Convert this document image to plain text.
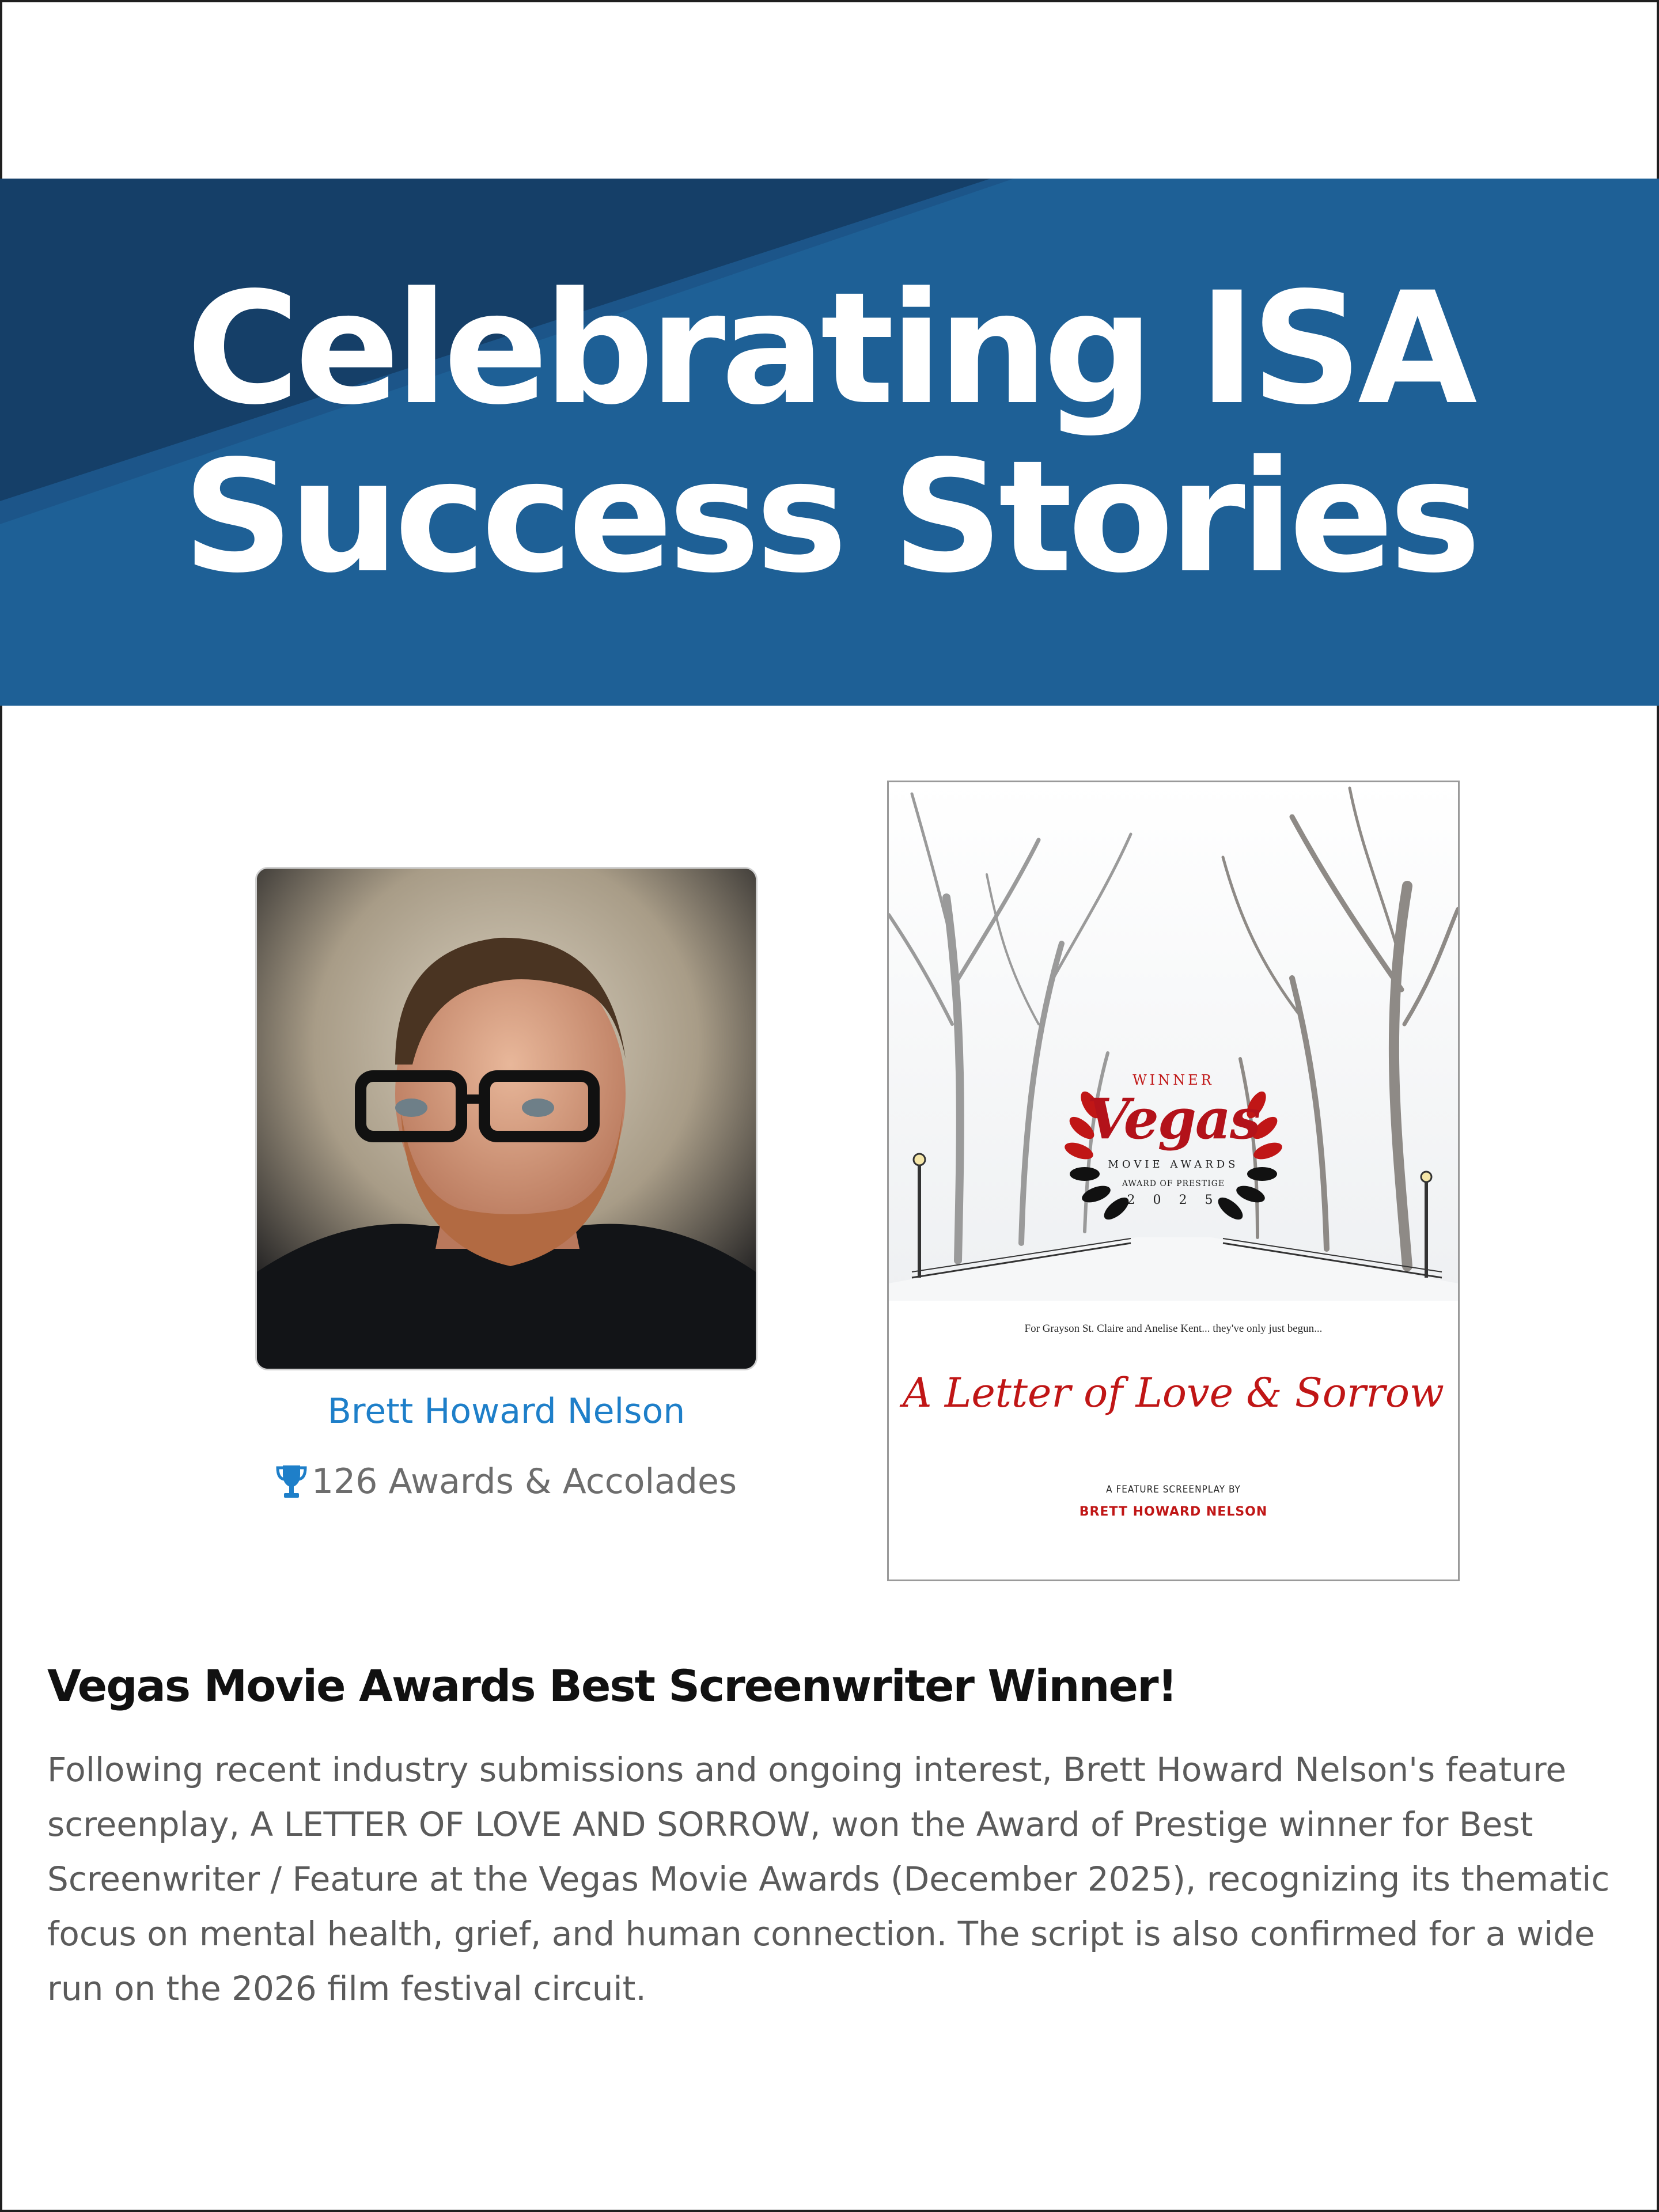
Celebrating ISA
Success Stories
Brett Howard Nelson
126 Awards & Accolades
WINNER
Vegas
MOVIE AWARDS
AWARD OF PRESTIGE
2 0 2 5
For Grayson St. Claire and Anelise Kent... they've only just begun...
A Letter of Love & Sorrow
A FEATURE SCREENPLAY BY
BRETT HOWARD NELSON
Vegas Movie Awards Best Screenwriter Winner!

Following recent industry submissions and ongoing interest, Brett Howard Nelson's feature screenplay, A LETTER OF LOVE AND SORROW, won the Award of Prestige winner for Best Screenwriter / Feature at the Vegas Movie Awards (December 2025), recognizing its thematic focus on mental health, grief, and human connection. The script is also confirmed for a wide run on the 2026 film festival circuit.
